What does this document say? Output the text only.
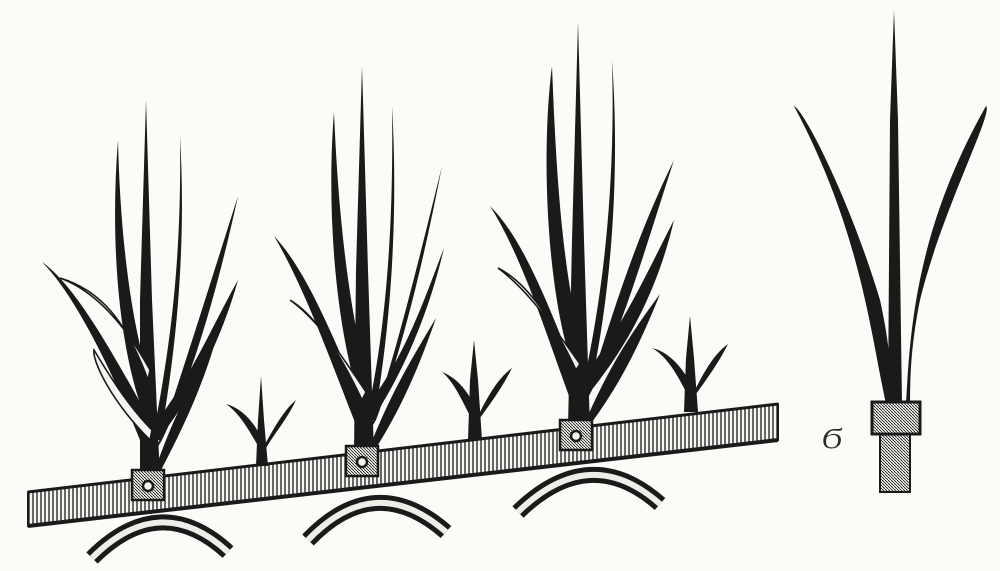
Ϭ
